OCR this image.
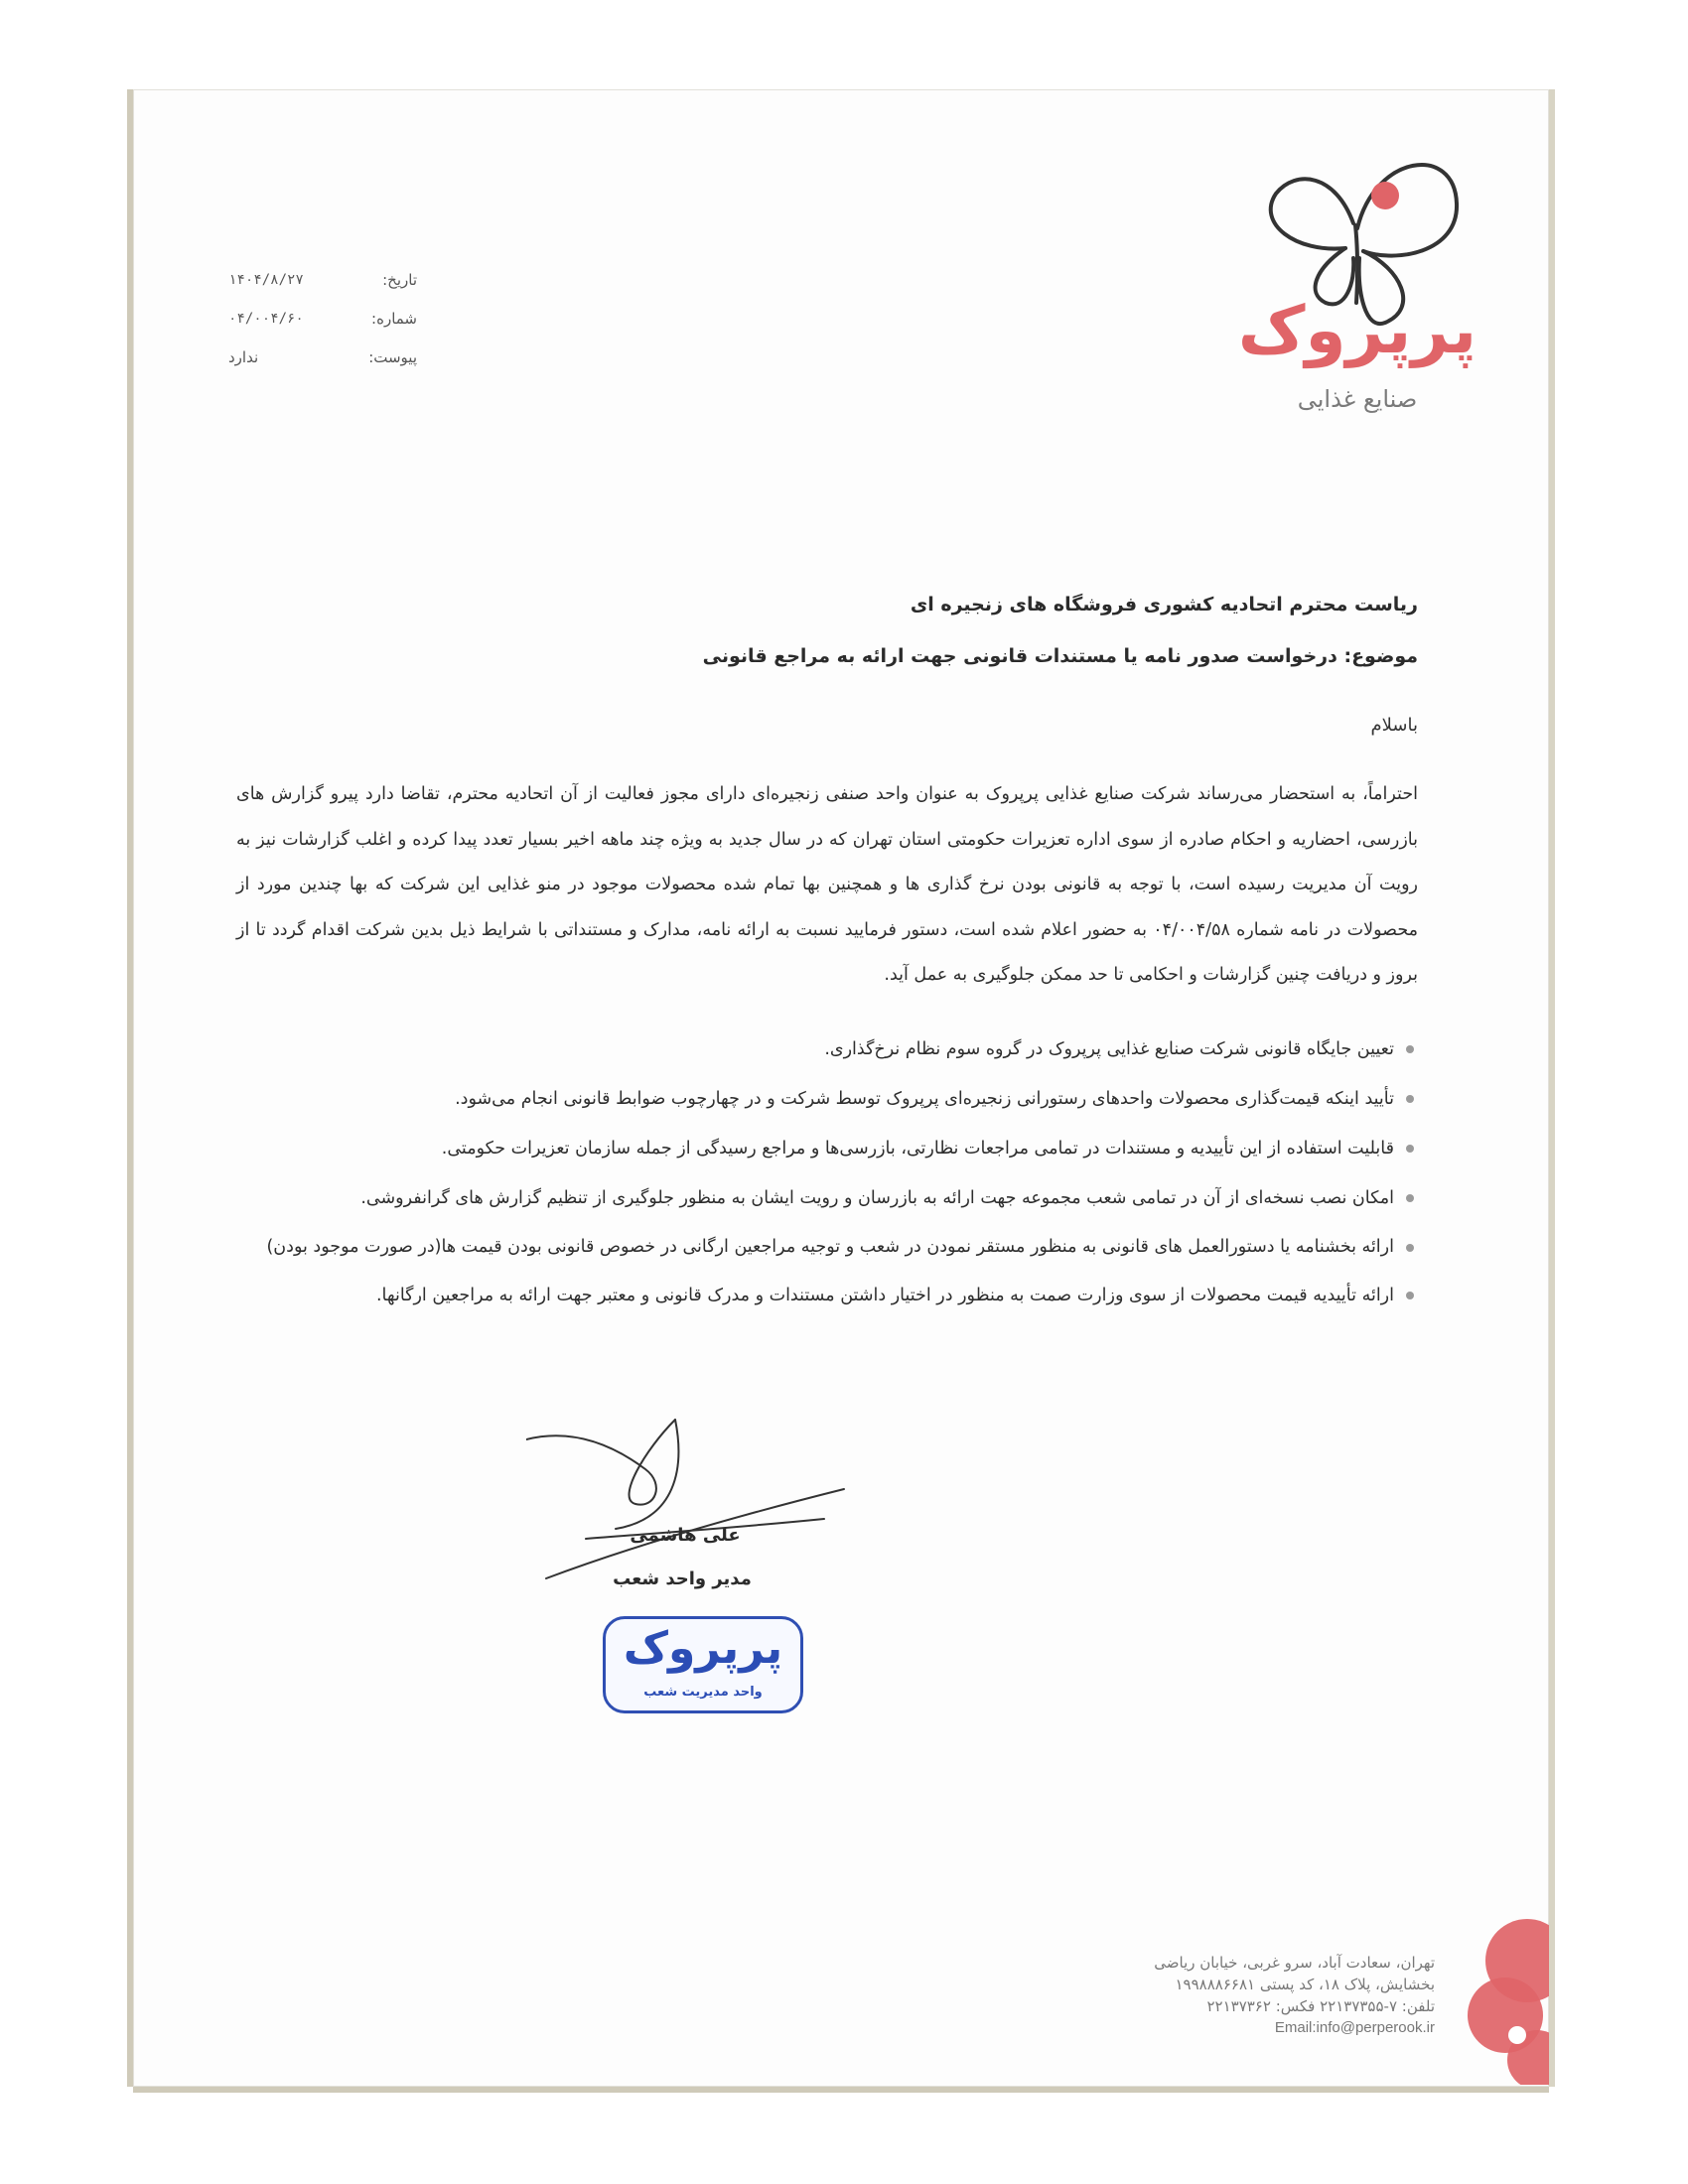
تاریخ:
۱۴۰۴/۸/۲۷
شماره:
۰۴/۰۰۴/۶۰
پیوست:
ندارد	پرپروک
صنایع غذایی
ریاست محترم اتحادیه کشوری فروشگاه های زنجیره ای
موضوع: درخواست صدور نامه یا مستندات قانونی جهت ارائه به مراجع قانونی
باسلام
احتراماً، به استحضار می‌رساند شرکت صنایع غذایی پرپروک به عنوان واحد صنفی زنجیره‌ای دارای مجوز فعالیت از آن اتحادیه محترم، تقاضا دارد پیرو گزارش های بازرسی، احضاریه و احکام صادره از سوی اداره تعزیرات حکومتی استان تهران که در سال جدید به ویژه چند ماهه اخیر بسیار تعدد پیدا کرده و اغلب گزارشات نیز به رویت آن مدیریت رسیده است، با توجه به قانونی بودن نرخ گذاری ها و همچنین بها تمام شده محصولات موجود در منو غذایی این شرکت که بها چندین مورد از محصولات در نامه شماره ۰۴/۰۰۴/۵۸ به حضور اعلام شده است، دستور فرمایید نسبت به ارائه نامه، مدارک و مستنداتی با شرایط ذیل بدین شرکت اقدام گردد تا از بروز و دریافت چنین گزارشات و احکامی تا حد ممکن جلوگیری به عمل آید.
تعیین جایگاه قانونی شرکت صنایع غذایی پرپروک در گروه سوم نظام نرخ‌گذاری.
تأیید اینکه قیمت‌گذاری محصولات واحدهای رستورانی زنجیره‌ای پرپروک توسط شرکت و در چهارچوب ضوابط قانونی انجام می‌شود.
قابلیت استفاده از این تأییدیه و مستندات در تمامی مراجعات نظارتی، بازرسی‌ها و مراجع رسیدگی از جمله سازمان تعزیرات حکومتی.
امکان نصب نسخه‌ای از آن در تمامی شعب مجموعه جهت ارائه به بازرسان و رویت ایشان به منظور جلوگیری از تنظیم گزارش های گرانفروشی.
ارائه بخشنامه یا دستورالعمل های قانونی به منظور مستقر نمودن در شعب و توجیه مراجعین ارگانی در خصوص قانونی بودن قیمت ها(در صورت موجود بودن)
ارائه تأییدیه قیمت محصولات از سوی وزارت صمت به منظور در اختیار داشتن مستندات و مدرک قانونی و معتبر جهت ارائه به مراجعین ارگانها.
علی هاشمی
مدیر واحد شعب
پرپروک
واحد مدیریت شعب
تهران، سعادت آباد، سرو غربی، خیابان ریاضی
بخشایش، پلاک ۱۸، کد پستی ۱۹۹۸۸۸۶۶۸۱
تلفن: ۷-۲۲۱۳۷۳۵۵ فکس: ۲۲۱۳۷۳۶۲
Email:info@perperook.ir
